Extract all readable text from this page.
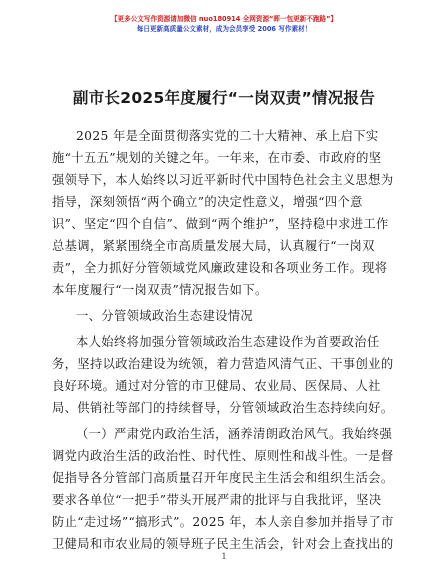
【更多公文写作资源请加微信 nuo180914 全网资源“晖一包更新不跑路”】
每日更新高质量公文素材，成为会员享受 2006 写作素材！
副市长2025年度履行“一岗双责”情况报告
2025 年是全面贯彻落实党的二十大精神、承上启下实
施“十五五”规划的关键之年。一年来，在市委、市政府的坚
强领导下，本人始终以习近平新时代中国特色社会主义思想为
指导，深刻领悟“两个确立”的决定性意义，增强“四个意
识”、坚定“四个自信”、做到“两个维护”，坚持稳中求进工作
总基调，紧紧围绕全市高质量发展大局，认真履行“一岗双
责”，全力抓好分管领域党风廉政建设和各项业务工作。现将
本年度履行“一岗双责”情况报告如下。
一、分管领域政治生态建设情况
本人始终将加强分管领域政治生态建设作为首要政治任
务，坚持以政治建设为统领，着力营造风清气正、干事创业的
良好环境。通过对分管的市卫健局、农业局、医保局、人社
局、供销社等部门的持续督导，分管领域政治生态持续向好。
（一）严肃党内政治生活，涵养清朗政治风气。我始终强
调党内政治生活的政治性、时代性、原则性和战斗性。一是督
促指导各分管部门高质量召开年度民主生活会和组织生活会。
要求各单位“一把手”带头开展严肃的批评与自我批评，坚决
防止“走过场”“搞形式”。2025 年，本人亲自参加并指导了市
卫健局和市农业局的领导班子民主生活会，针对会上查找出的
1
